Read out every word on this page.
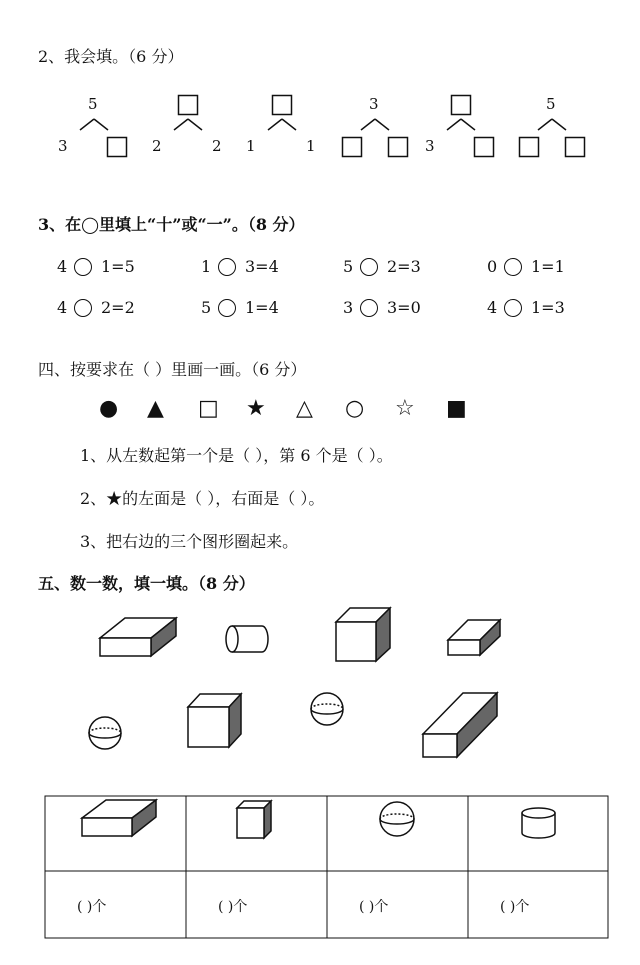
2、我会填。（6 分）
5
3	2	2 1	1
3
3
5
3、在◯里填上“十”或“一”。（8 分）
4 1=5	1 3=4	5 2=3	0 1=1
4 2=2	5 1=4	3 3=0	4 1=3
四、按要求在（ ）里画一画。（6 分）
● ▲ □ ★ △ ○ ☆ ■
1、从左数起第一个是（ ），第 6 个是（ ）。
2、★的左面是（ ），右面是（ ）。
3、把右边的三个图形圈起来。
五、数一数，填一填。（8 分）
( )个	( )个	( )个	( )个
